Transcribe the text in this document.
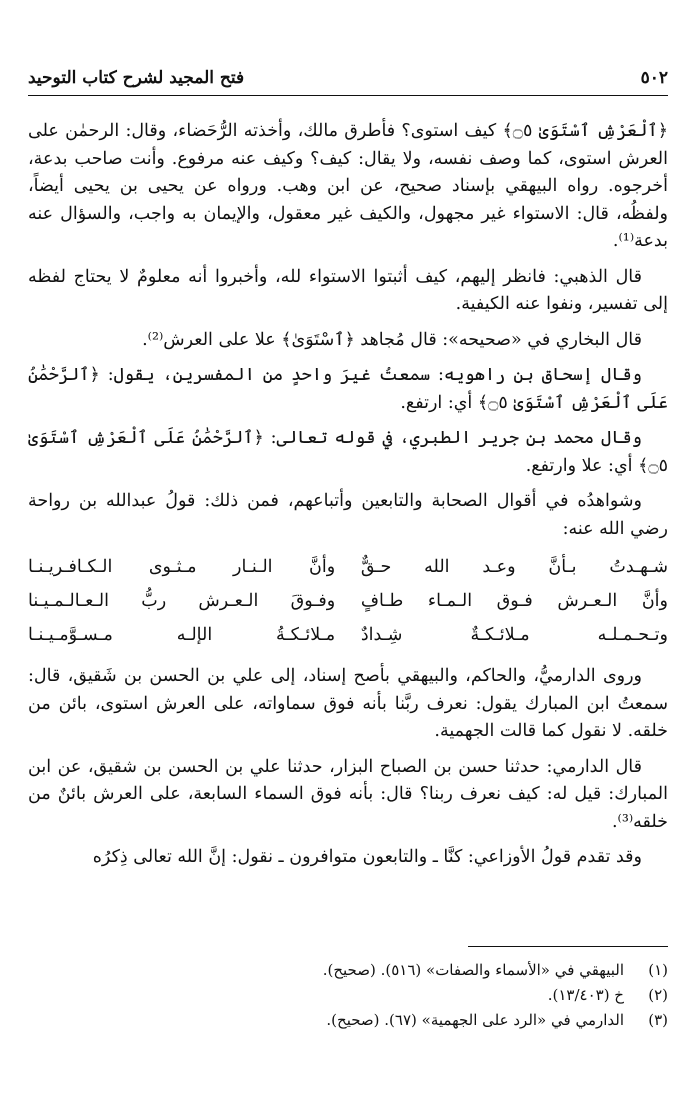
٥٠٢
فتح المجيد لشرح كتاب التوحيد

﴿ٱلْعَرْشِ ٱسْتَوَىٰ ۝٥﴾ كيف استوى؟ فأطرق مالك، وأخذته الرُّحَضاء، وقال: الرحمٰن على العرش استوى، كما وصف نفسه، ولا يقال: كيف؟ وكيف عنه مرفوع. وأنت صاحب بدعة، أخرجوه. رواه البيهقي بإسناد صحيح، عن ابن وهب. ورواه عن يحيى بن يحيى أيضاً، ولفظُه، قال: الاستواء غير مجهول، والكيف غير معقول، والإيمان به واجب، والسؤال عنه بدعة⁽¹⁾.

قال الذهبي: فانظر إليهم، كيف أثبتوا الاستواء لله، وأخبروا أنه معلومٌ لا يحتاج لفظه إلى تفسير، ونفوا عنه الكيفية.

قال البخاري في «صحيحه»: قال مُجاهد ﴿ٱسْتَوَىٰ﴾ علا على العرش⁽²⁾.

وقال إسحاق بن راهويه: سمعتُ غيرَ واحدٍ من المفسرين، يقول: ﴿ٱلرَّحْمَٰنُ عَلَى ٱلْعَرْشِ ٱسْتَوَىٰ ۝٥﴾ أي: ارتفع.

وقال محمد بن جرير الطبري، في قوله تعالى: ﴿ٱلرَّحْمَٰنُ عَلَى ٱلْعَرْشِ ٱسْتَوَىٰ ۝٥﴾ أي: علا وارتفع.

وشواهدُه في أقوال الصحابة والتابعين وأتباعهم، فمن ذلك: قولُ عبدالله بن رواحة رضي الله عنه:

شـهـدتُ بـأنَّ وعـد الله حـقٌّ
وأنَّ الـنـار مـثـوى الـكـافـريـنـا
وأنَّ الـعـرش فـوق الـمـاء طـافٍ
وفـوقَ الـعـرش ربُّ الـعـالـمـيـنا
وتـحـمـلـه مـلائـكـةٌ شِـدادٌ
مـلائـكـةُ الإلـه مـسـوَّمـيـنـا

وروى الدارميُّ، والحاكم، والبيهقي بأصح إسناد، إلى علي بن الحسن بن شَقيق، قال: سمعتُ ابن المبارك يقول: نعرف ربَّنا بأنه فوق سماواته، على العرش استوى، بائن من خلقه. لا نقول كما قالت الجهمية.

قال الدارمي: حدثنا حسن بن الصباح البزار، حدثنا علي بن الحسن بن شقيق، عن ابن المبارك: قيل له: كيف نعرف ربنا؟ قال: بأنه فوق السماء السابعة، على العرش بائنٌ من خلقه⁽³⁾.

وقد تقدم قولُ الأوزاعي: كنَّا ـ والتابعون متوافرون ـ نقول: إنَّ الله تعالى ذِكرُه

(١)
البيهقي في «الأسماء والصفات» (٥١٦). (صحيح).
(٢)
خ (١٣/٤٠٣).
(٣)
الدارمي في «الرد على الجهمية» (٦٧). (صحيح).
